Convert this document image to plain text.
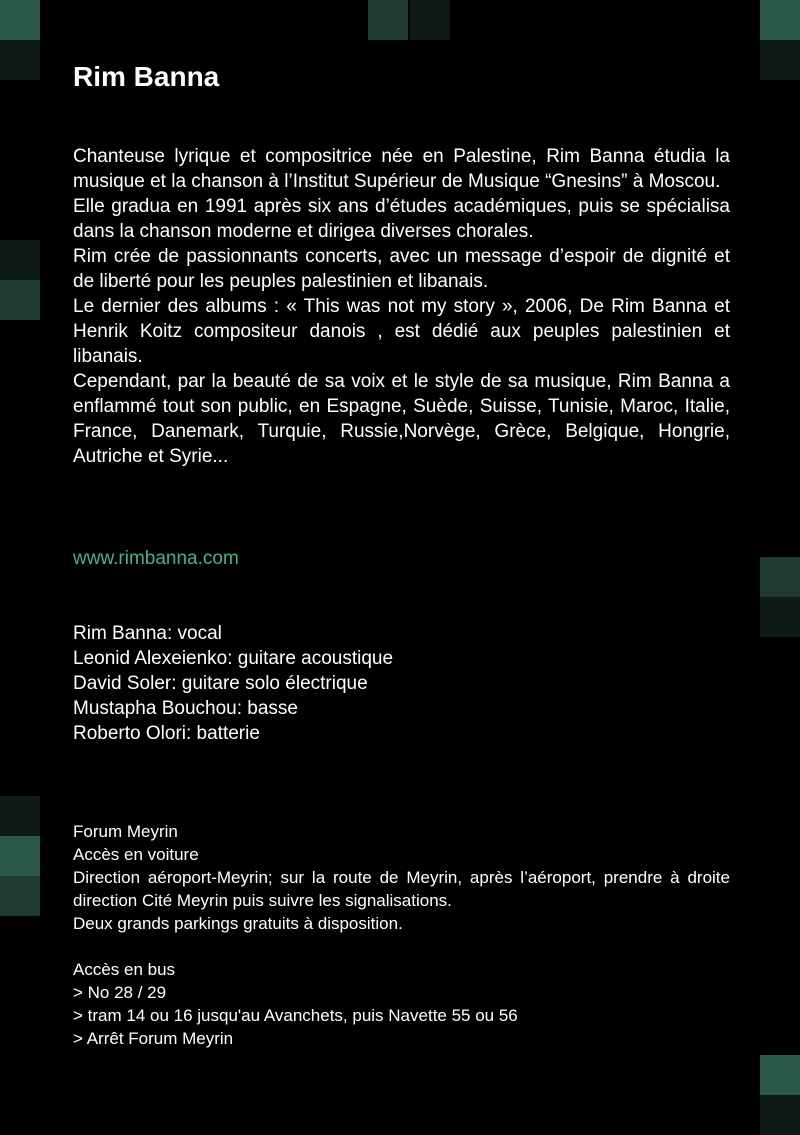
Rim Banna

Chanteuse lyrique et compositrice née en Palestine, Rim Banna étudia la musique et la chanson à l’Institut Supérieur de Musique “Gnesins” à Moscou.

Elle gradua en 1991 après six ans d’études académiques, puis se spécialisa dans la chanson moderne et dirigea diverses chorales.

Rim crée de passionnants concerts, avec un message d’espoir de dignité et de liberté pour les peuples palestinien et libanais.

Le dernier des albums : « This was not my story », 2006, De Rim Banna et Henrik Koitz compositeur danois , est dédié aux peuples palestinien et libanais.

Cependant, par la beauté de sa voix et le style de sa musique, Rim Banna a enflammé tout son public, en Espagne, Suède, Suisse, Tunisie, Maroc, Italie, France, Danemark, Turquie, Russie,Norvège, Grèce, Belgique, Hongrie, Autriche et Syrie...

www.rimbanna.com
Rim Banna: vocal
Leonid Alexeienko: guitare acoustique
David Soler: guitare solo électrique
Mustapha Bouchou: basse
Roberto Olori: batterie
Forum Meyrin
Accès en voiture
Direction aéroport-Meyrin; sur la route de Meyrin, après l’aéroport, prendre à droite direction Cité Meyrin puis suivre les signalisations.
Deux grands parkings gratuits à disposition.
Accès en bus
> No 28 / 29
> tram 14 ou 16 jusqu'au Avanchets, puis Navette 55 ou 56
> Arrêt Forum Meyrin
